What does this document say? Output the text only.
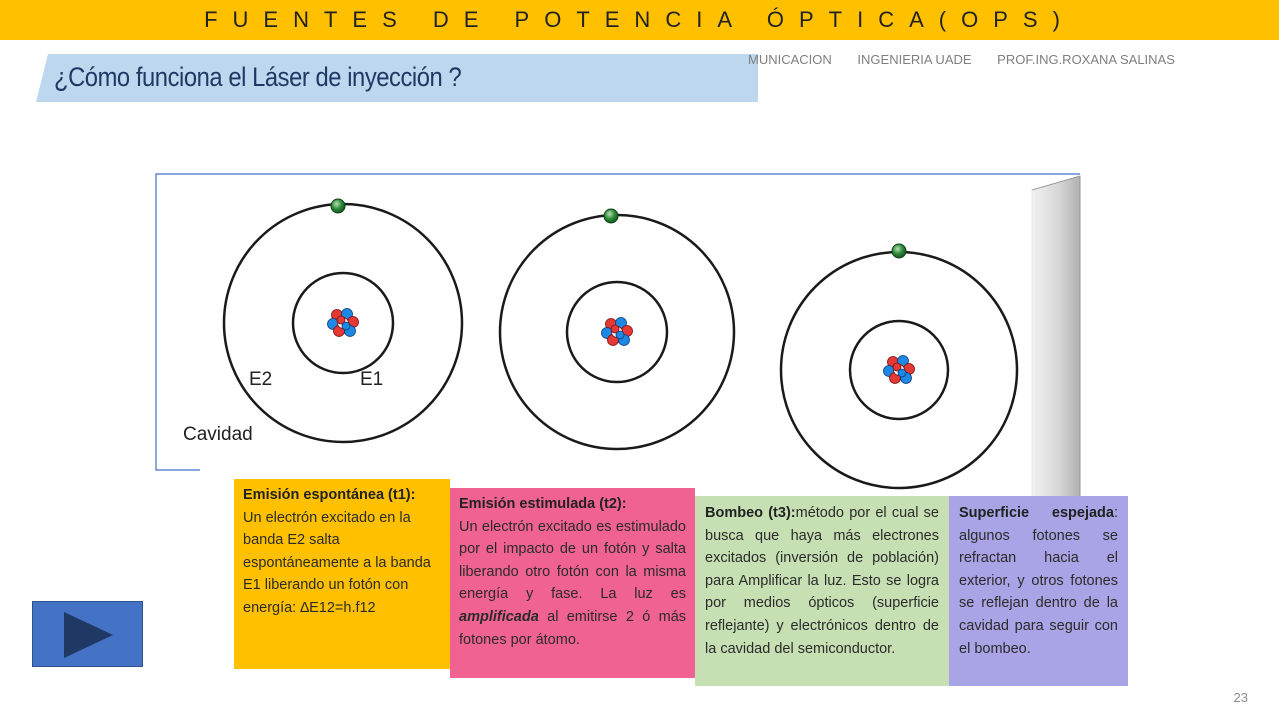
FUENTES DE POTENCIA ÓPTICA(OPS)
¿Cómo funciona el Láser de inyección ?
MUNICACION INGENIERIA UADE PROF.ING.ROXANA SALINAS
E2	E1
Cavidad
Emisión espontánea (t1):
Un electrón excitado en la banda E2 salta espontáneamente a la banda E1 liberando un fotón con energía: ∆E12=h.f12
Emisión estimulada (t2):
Un electrón excitado es estimulado por el impacto de un fotón y salta liberando otro fotón con la misma energía y fase. La luz es amplificada al emitirse 2 ó más fotones por átomo.
Bombeo (t3):método por el cual se busca que haya más electrones excitados (inversión de población) para Amplificar la luz. Esto se logra por medios ópticos (superficie reflejante) y electrónicos dentro de la cavidad del semiconductor.
Superficie espejada: algunos fotones se refractan hacia el exterior, y otros fotones se reflejan dentro de la cavidad para seguir con el bombeo.
23
